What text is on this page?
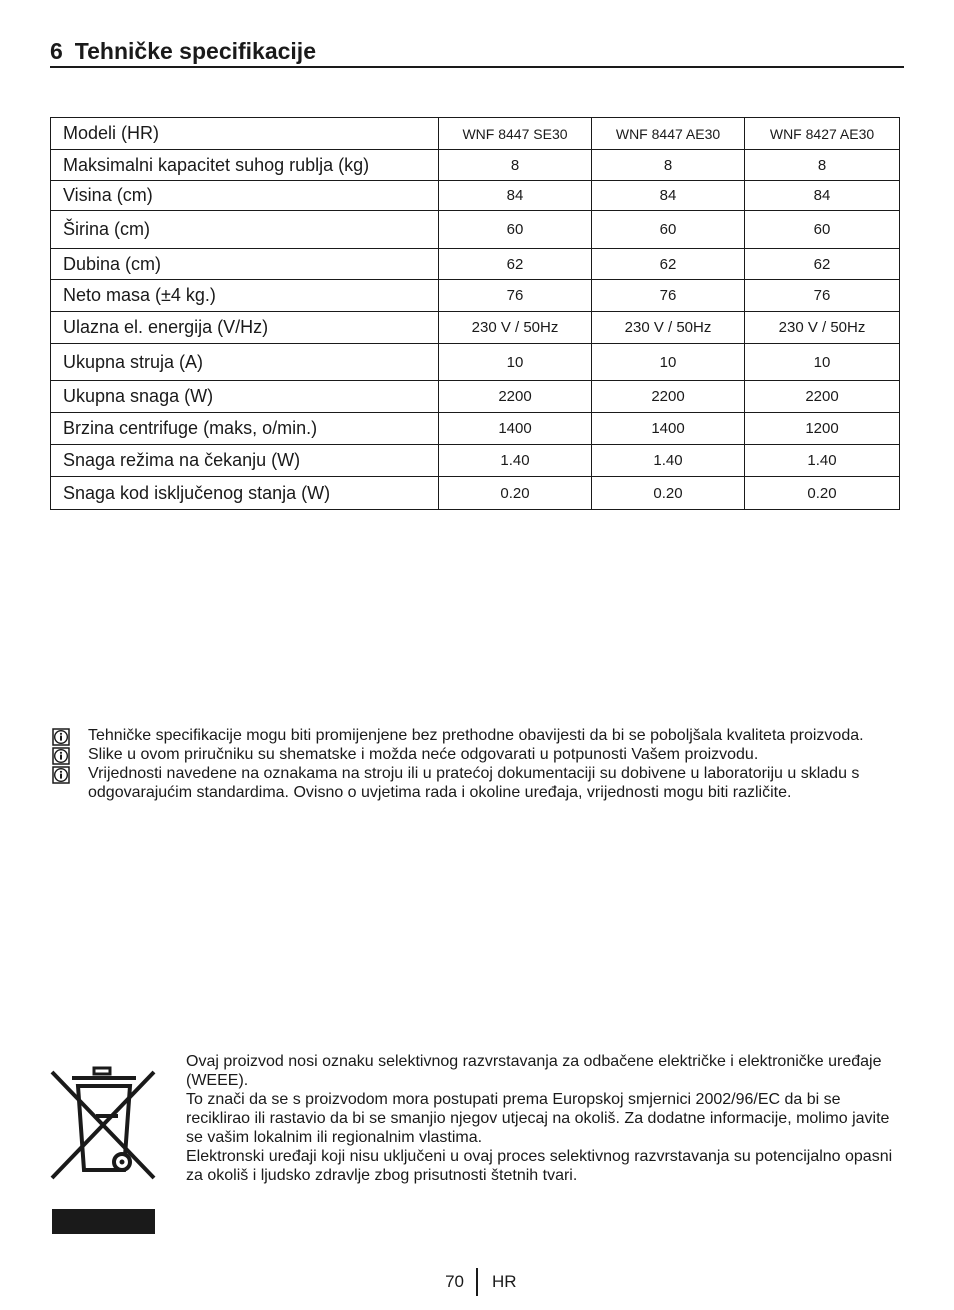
6 Tehničke specifikacije
Modeli (HR)	WNF 8447 SE30	WNF 8447 AE30	WNF 8427 AE30
Maksimalni kapacitet suhog rublja (kg)	8	8	8
Visina (cm)	84	84	84
Širina (cm)	60	60	60
Dubina (cm)	62	62	62
Neto masa (±4 kg.)	76	76	76
Ulazna el. energija (V/Hz)	230 V / 50Hz	230 V / 50Hz	230 V / 50Hz
Ukupna struja (A)	10	10	10
Ukupna snaga (W)	2200	2200	2200
Brzina centrifuge (maks, o/min.)	1400	1400	1200
Snaga režima na čekanju (W)	1.40	1.40	1.40
Snaga kod isključenog stanja (W)	0.20	0.20	0.20
Tehničke specifikacije mogu biti promijenjene bez prethodne obavijesti da bi se poboljšala kvaliteta proizvoda.
Slike u ovom priručniku su shematske i možda neće odgovarati u potpunosti Vašem proizvodu.
Vrijednosti navedene na oznakama na stroju ili u pratećoj dokumentaciji su dobivene u laboratoriju u skladu s odgovarajućim standardima. Ovisno o uvjetima rada i okoline uređaja, vrijednosti mogu biti različite.

Ovaj proizvod nosi oznaku selektivnog razvrstavanja za odbačene električke i elektroničke uređaje (WEEE).

To znači da se s proizvodom mora postupati prema Europskoj smjernici 2002/96/EC da bi se reciklirao ili rastavio da bi se smanjio njegov utjecaj na okoliš. Za dodatne informacije, molimo javite se vašim lokalnim ili regionalnim vlastima.

Elektronski uređaji koji nisu uključeni u ovaj proces selektivnog razvrstavanja su potencijalno opasni za okoliš i ljudsko zdravlje zbog prisutnosti štetnih tvari.

70 HR
